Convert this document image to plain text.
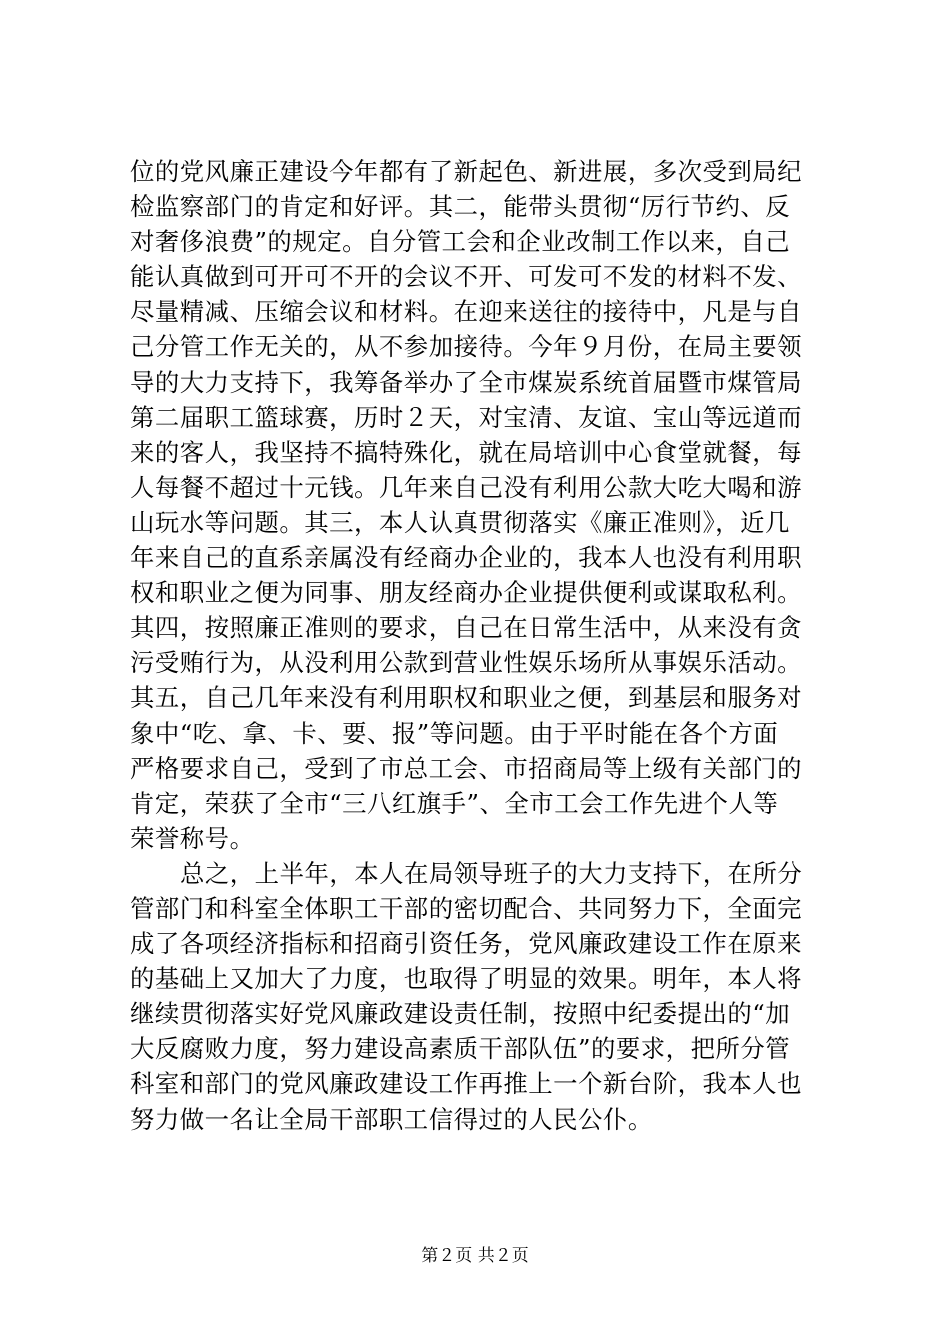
位的党风廉正建设今年都有了新起色、新进展，多次受到局纪
检监察部门的肯定和好评。其二，能带头贯彻“厉行节约、反
对奢侈浪费”的规定。自分管工会和企业改制工作以来，自己
能认真做到可开可不开的会议不开、可发可不发的材料不发、
尽量精减、压缩会议和材料。在迎来送往的接待中，凡是与自
己分管工作无关的，从不参加接待。今年９月份，在局主要领
导的大力支持下，我筹备举办了全市煤炭系统首届暨市煤管局
第二届职工篮球赛，历时２天，对宝清、友谊、宝山等远道而
来的客人，我坚持不搞特殊化，就在局培训中心食堂就餐，每
人每餐不超过十元钱。几年来自己没有利用公款大吃大喝和游
山玩水等问题。其三，本人认真贯彻落实《廉正准则》，近几
年来自己的直系亲属没有经商办企业的，我本人也没有利用职
权和职业之便为同事、朋友经商办企业提供便利或谋取私利。
其四，按照廉正准则的要求，自己在日常生活中，从来没有贪
污受贿行为，从没利用公款到营业性娱乐场所从事娱乐活动。
其五，自己几年来没有利用职权和职业之便，到基层和服务对
象中“吃、拿、卡、要、报”等问题。由于平时能在各个方面
严格要求自己，受到了市总工会、市招商局等上级有关部门的
肯定，荣获了全市“三八红旗手”、全市工会工作先进个人等
荣誉称号。
总之，上半年，本人在局领导班子的大力支持下，在所分
管部门和科室全体职工干部的密切配合、共同努力下，全面完
成了各项经济指标和招商引资任务，党风廉政建设工作在原来
的基础上又加大了力度，也取得了明显的效果。明年，本人将
继续贯彻落实好党风廉政建设责任制，按照中纪委提出的“加
大反腐败力度，努力建设高素质干部队伍”的要求，把所分管
科室和部门的党风廉政建设工作再推上一个新台阶，我本人也
努力做一名让全局干部职工信得过的人民公仆。
第２页 共２页
